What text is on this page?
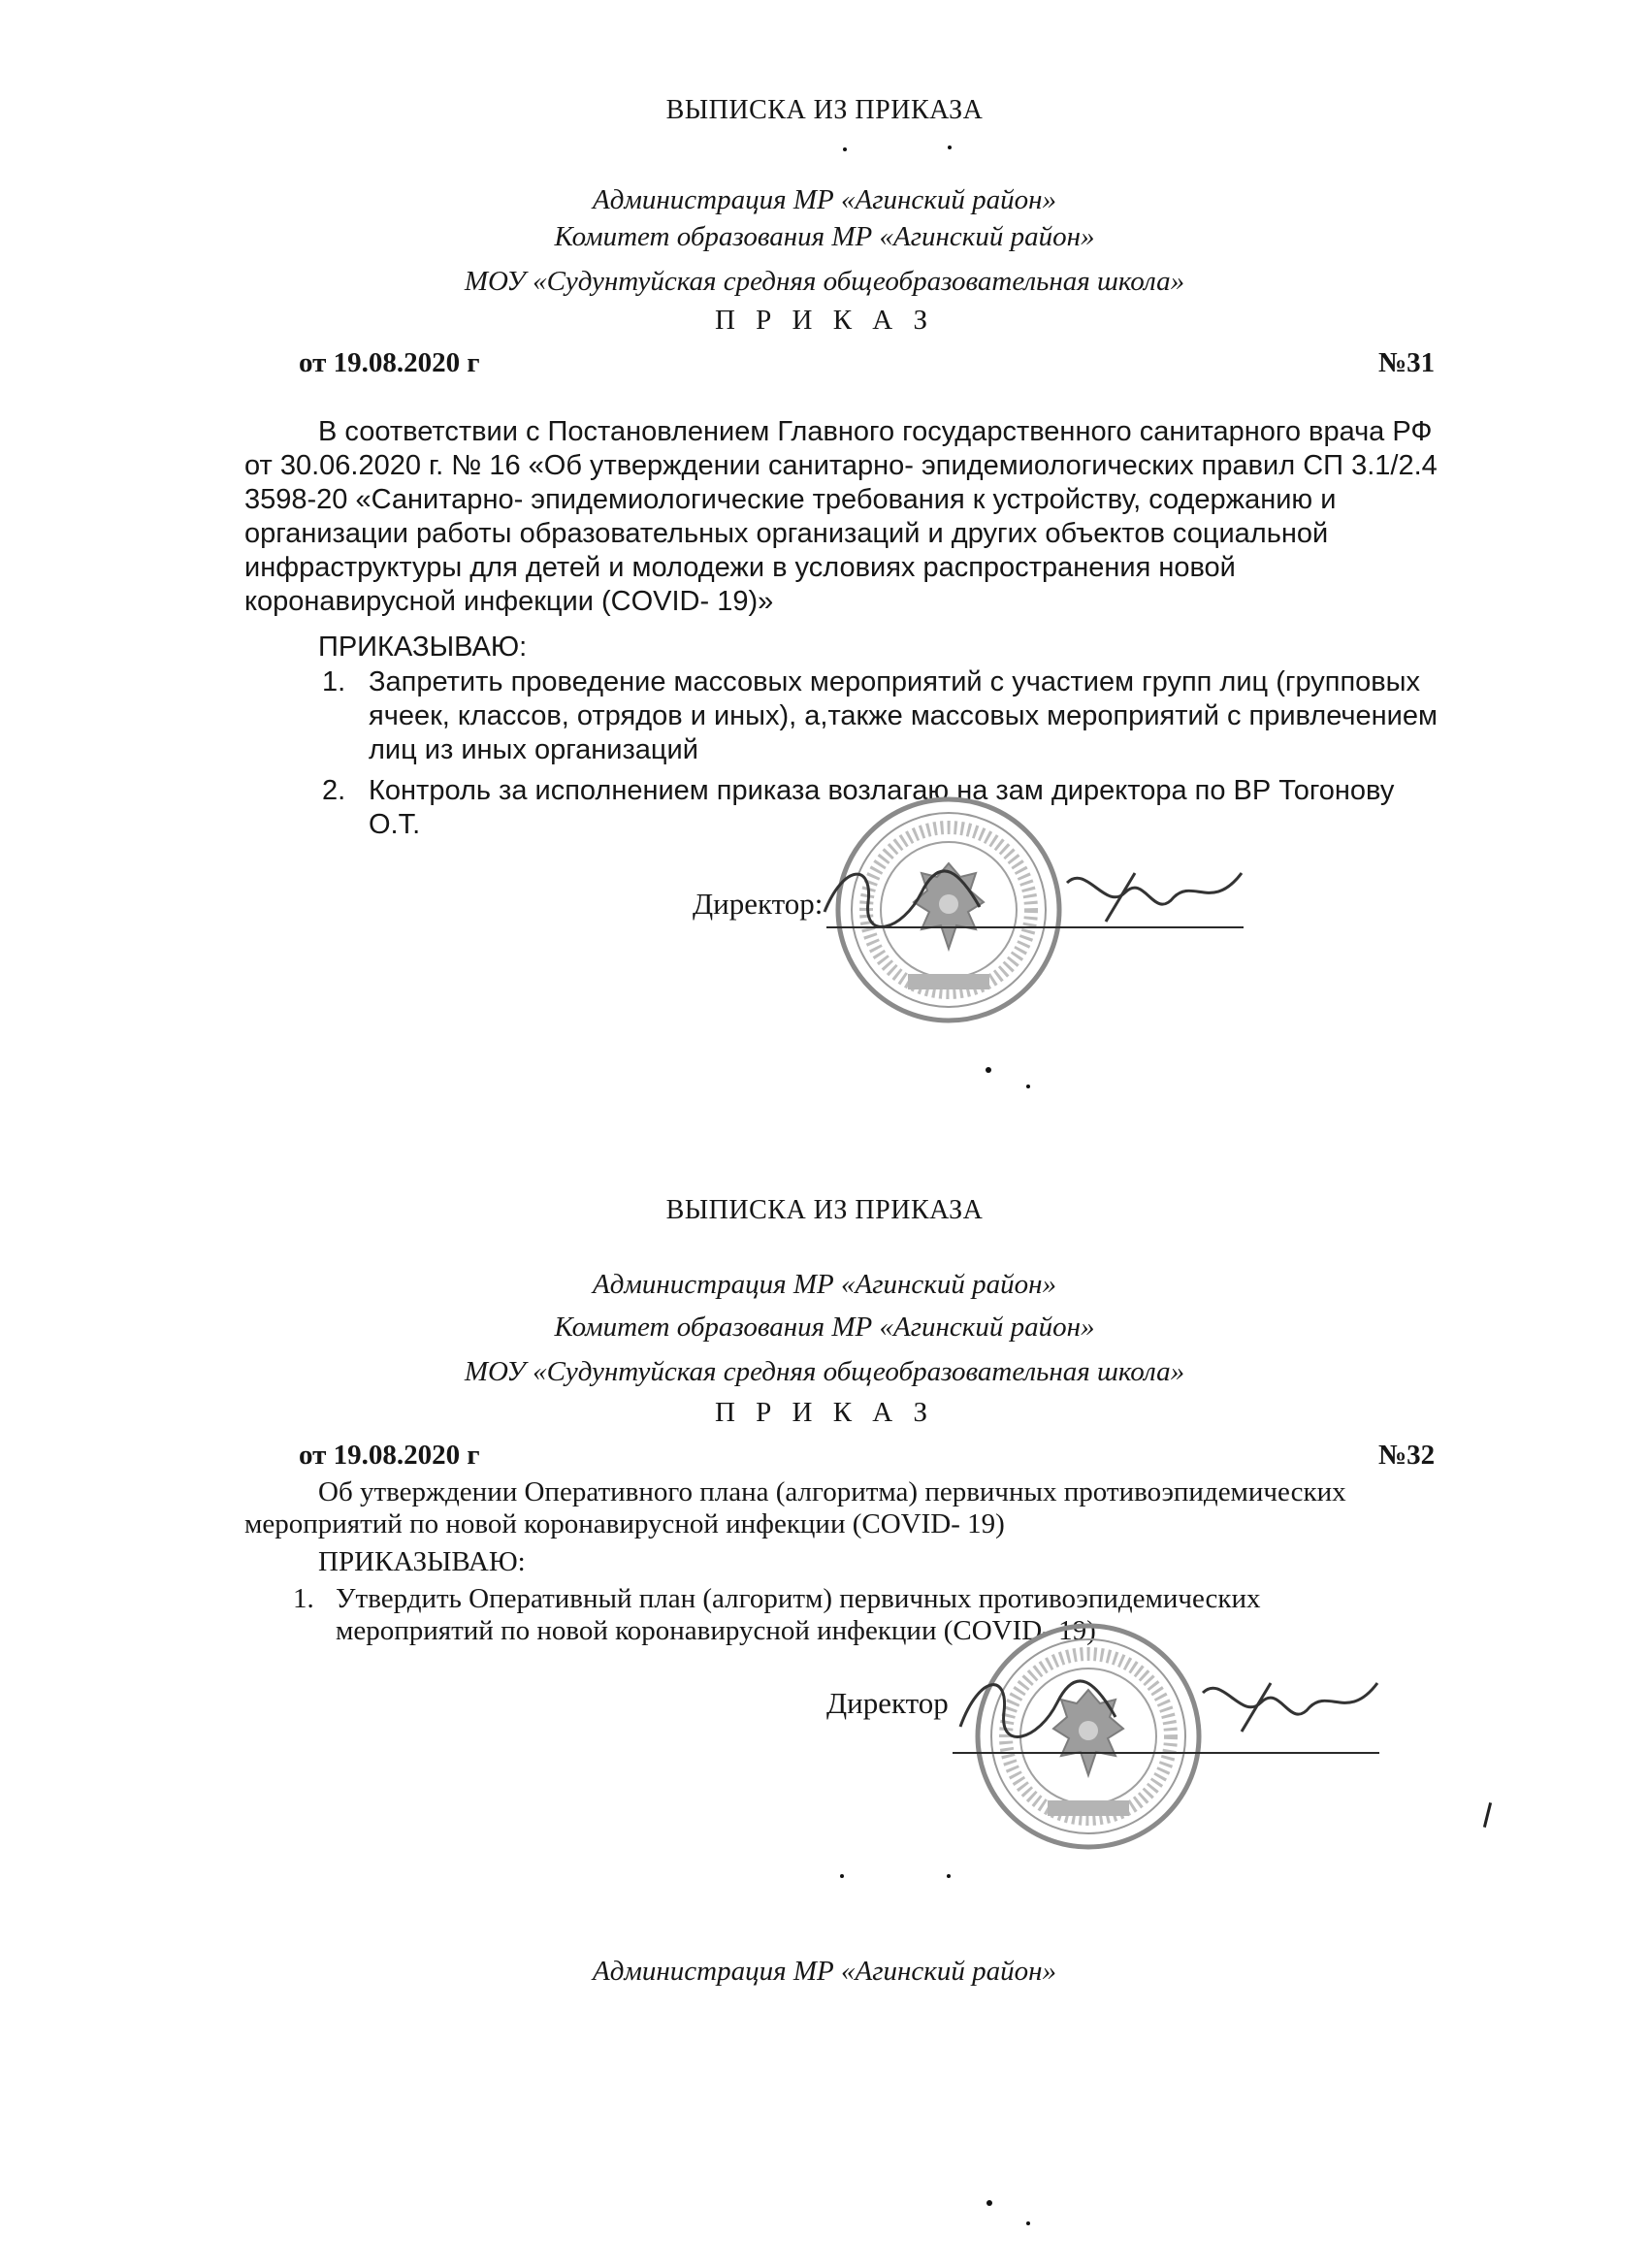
ВЫПИСКА ИЗ ПРИКАЗА
Администрация МР «Агинский район»
Комитет образования МР «Агинский район»
МОУ «Судунтуйская средняя общеобразовательная школа»
П Р И К А З
от 19.08.2020 г	№31
В соответствии с Постановлением Главного государственного санитарного врача РФ
от 30.06.2020 г. № 16 «Об утверждении санитарно- эпидемиологических правил СП 3.1/2.4
3598-20 «Санитарно- эпидемиологические требования к устройству, содержанию и
организации работы образовательных организаций и других объектов социальной
инфраструктуры для детей и молодежи в условиях распространения новой
коронавирусной инфекции (COVID- 19)»
ПРИКАЗЫВАЮ:
1. Запретить проведение массовых мероприятий с участием групп лиц (групповых
ячеек, классов, отрядов и иных), а,также массовых мероприятий с привлечением
лиц из иных организаций
2. Контроль за исполнением приказа возлагаю на зам директора по ВР Тогонову
О.Т.
Директор:
ВЫПИСКА ИЗ ПРИКАЗА
Администрация МР «Агинский район»
Комитет образования МР «Агинский район»
МОУ «Судунтуйская средняя общеобразовательная школа»
П Р И К А З
от 19.08.2020 г	№32
Об утверждении Оперативного плана (алгоритма) первичных противоэпидемических
мероприятий по новой коронавирусной инфекции (COVID- 19)
ПРИКАЗЫВАЮ:
1. Утвердить Оперативный план (алгоритм) первичных противоэпидемических
мероприятий по новой коронавирусной инфекции (COVID- 19)
Директор
Администрация МР «Агинский район»
